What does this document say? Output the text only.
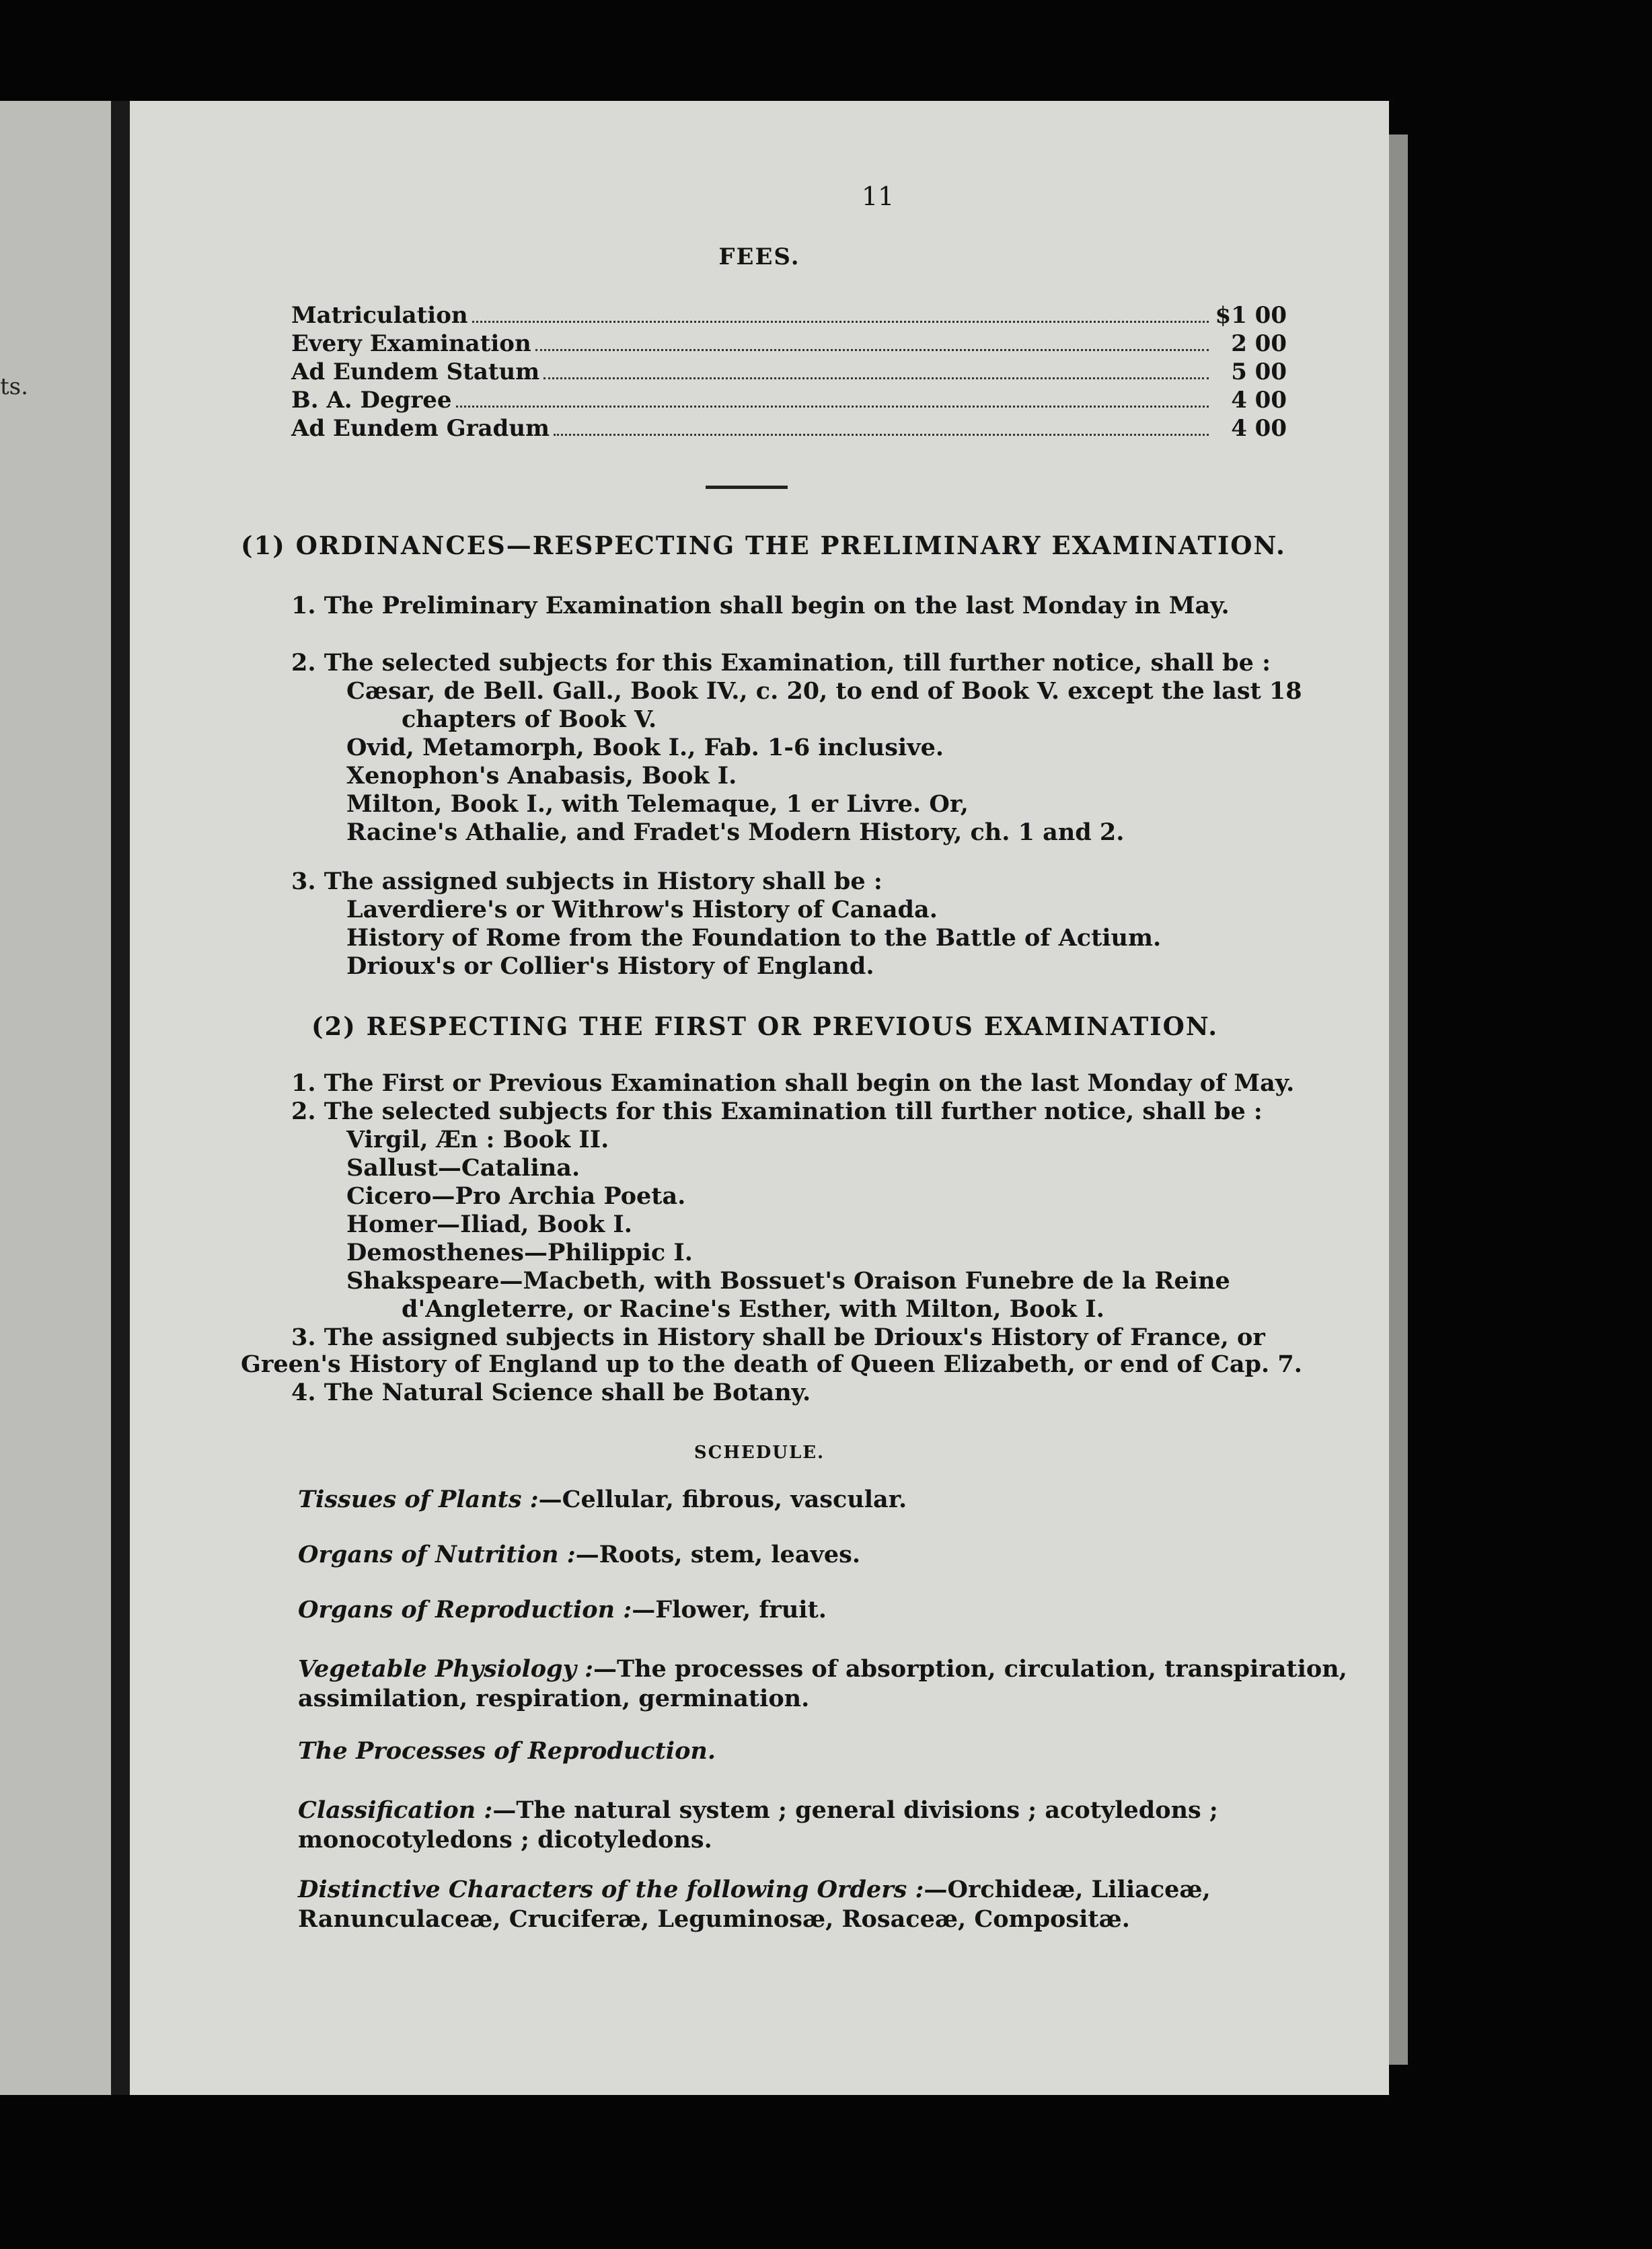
ts.
11
FEES.
Matriculation	$1 00
Every Examination	2 00
Ad Eundem Statum	5 00
B. A. Degree	4 00
Ad Eundem Gradum	4 00
(1) ORDINANCES—RESPECTING THE PRELIMINARY EXAMINATION.
1. The Preliminary Examination shall begin on the last Monday in May.
2. The selected subjects for this Examination, till further notice, shall be :
Cæsar, de Bell. Gall., Book IV., c. 20, to end of Book V. except the last 18
chapters of Book V.
Ovid, Metamorph, Book I., Fab. 1-6 inclusive.
Xenophon's Anabasis, Book I.
Milton, Book I., with Telemaque, 1 er Livre. Or,
Racine's Athalie, and Fradet's Modern History, ch. 1 and 2.
3. The assigned subjects in History shall be :
Laverdiere's or Withrow's History of Canada.
History of Rome from the Foundation to the Battle of Actium.
Drioux's or Collier's History of England.
(2) RESPECTING THE FIRST OR PREVIOUS EXAMINATION.
1. The First or Previous Examination shall begin on the last Monday of May.
2. The selected subjects for this Examination till further notice, shall be :
Virgil, Æn : Book II.
Sallust—Catalina.
Cicero—Pro Archia Poeta.
Homer—Iliad, Book I.
Demosthenes—Philippic I.
Shakspeare—Macbeth, with Bossuet's Oraison Funebre de la Reine
d'Angleterre, or Racine's Esther, with Milton, Book I.
3. The assigned subjects in History shall be Drioux's History of France, or
Green's History of England up to the death of Queen Elizabeth, or end of Cap. 7.
4. The Natural Science shall be Botany.
SCHEDULE.
Tissues of Plants :—Cellular, fibrous, vascular.
Organs of Nutrition :—Roots, stem, leaves.
Organs of Reproduction :—Flower, fruit.
Vegetable Physiology :—The processes of absorption, circulation, transpiration, assimilation, respiration, germination.
The Processes of Reproduction.
Classification :—The natural system ; general divisions ; acotyledons ; monocotyledons ; dicotyledons.
Distinctive Characters of the following Orders :—Orchideæ, Liliaceæ, Ranunculaceæ, Cruciferæ, Leguminosæ, Rosaceæ, Compositæ.
